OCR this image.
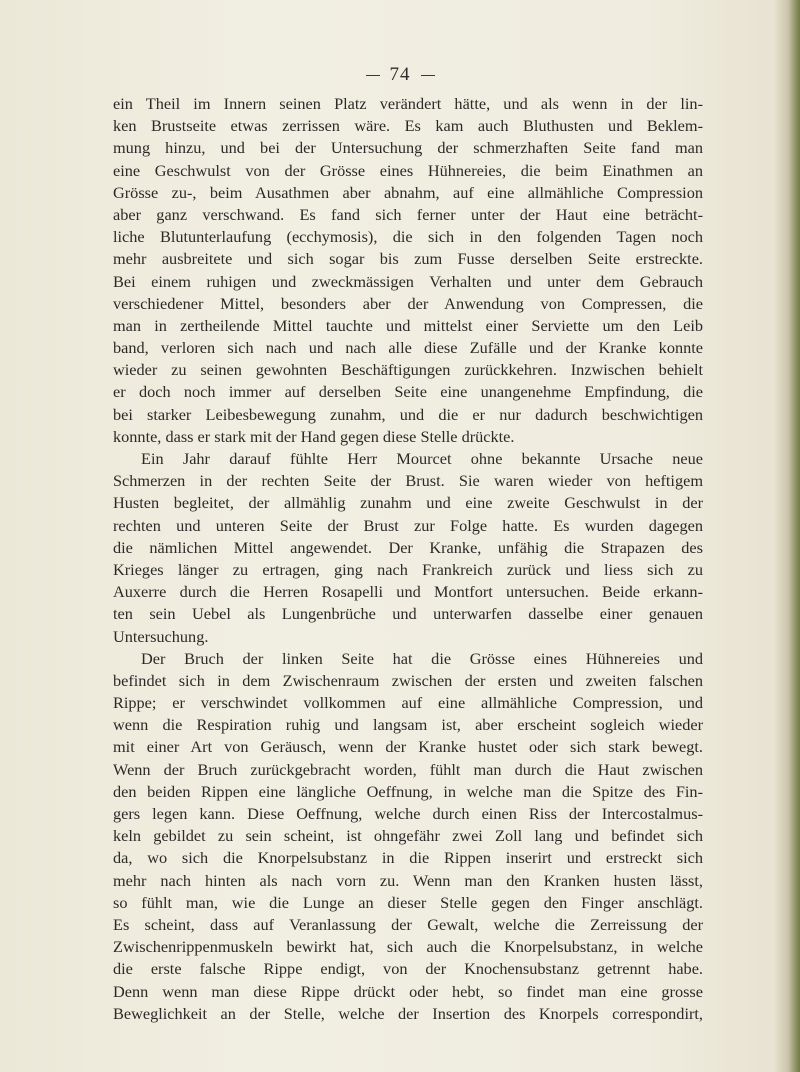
74
ein Theil im Innern seinen Platz verändert hätte, und als wenn in der lin-
ken Brustseite etwas zerrissen wäre. Es kam auch Bluthusten und Beklem-
mung hinzu, und bei der Untersuchung der schmerzhaften Seite fand man
eine Geschwulst von der Grösse eines Hühnereies, die beim Einathmen an
Grösse zu-, beim Ausathmen aber abnahm, auf eine allmähliche Compression
aber ganz verschwand. Es fand sich ferner unter der Haut eine beträcht-
liche Blutunterlaufung (ecchymosis), die sich in den folgenden Tagen noch
mehr ausbreitete und sich sogar bis zum Fusse derselben Seite erstreckte.
Bei einem ruhigen und zweckmässigen Verhalten und unter dem Gebrauch
verschiedener Mittel, besonders aber der Anwendung von Compressen, die
man in zertheilende Mittel tauchte und mittelst einer Serviette um den Leib
band, verloren sich nach und nach alle diese Zufälle und der Kranke konnte
wieder zu seinen gewohnten Beschäftigungen zurückkehren. Inzwischen behielt
er doch noch immer auf derselben Seite eine unangenehme Empfindung, die
bei starker Leibesbewegung zunahm, und die er nur dadurch beschwichtigen
konnte, dass er stark mit der Hand gegen diese Stelle drückte.
Ein Jahr darauf fühlte Herr Mourcet ohne bekannte Ursache neue
Schmerzen in der rechten Seite der Brust. Sie waren wieder von heftigem
Husten begleitet, der allmählig zunahm und eine zweite Geschwulst in der
rechten und unteren Seite der Brust zur Folge hatte. Es wurden dagegen
die nämlichen Mittel angewendet. Der Kranke, unfähig die Strapazen des
Krieges länger zu ertragen, ging nach Frankreich zurück und liess sich zu
Auxerre durch die Herren Rosapelli und Montfort untersuchen. Beide erkann-
ten sein Uebel als Lungenbrüche und unterwarfen dasselbe einer genauen
Untersuchung.
Der Bruch der linken Seite hat die Grösse eines Hühnereies und
befindet sich in dem Zwischenraum zwischen der ersten und zweiten falschen
Rippe; er verschwindet vollkommen auf eine allmähliche Compression, und
wenn die Respiration ruhig und langsam ist, aber erscheint sogleich wieder
mit einer Art von Geräusch, wenn der Kranke hustet oder sich stark bewegt.
Wenn der Bruch zurückgebracht worden, fühlt man durch die Haut zwischen
den beiden Rippen eine längliche Oeffnung, in welche man die Spitze des Fin-
gers legen kann. Diese Oeffnung, welche durch einen Riss der Intercostalmus-
keln gebildet zu sein scheint, ist ohngefähr zwei Zoll lang und befindet sich
da, wo sich die Knorpelsubstanz in die Rippen inserirt und erstreckt sich
mehr nach hinten als nach vorn zu. Wenn man den Kranken husten lässt,
so fühlt man, wie die Lunge an dieser Stelle gegen den Finger anschlägt.
Es scheint, dass auf Veranlassung der Gewalt, welche die Zerreissung der
Zwischenrippenmuskeln bewirkt hat, sich auch die Knorpelsubstanz, in welche
die erste falsche Rippe endigt, von der Knochensubstanz getrennt habe.
Denn wenn man diese Rippe drückt oder hebt, so findet man eine grosse
Beweglichkeit an der Stelle, welche der Insertion des Knorpels correspondirt,
